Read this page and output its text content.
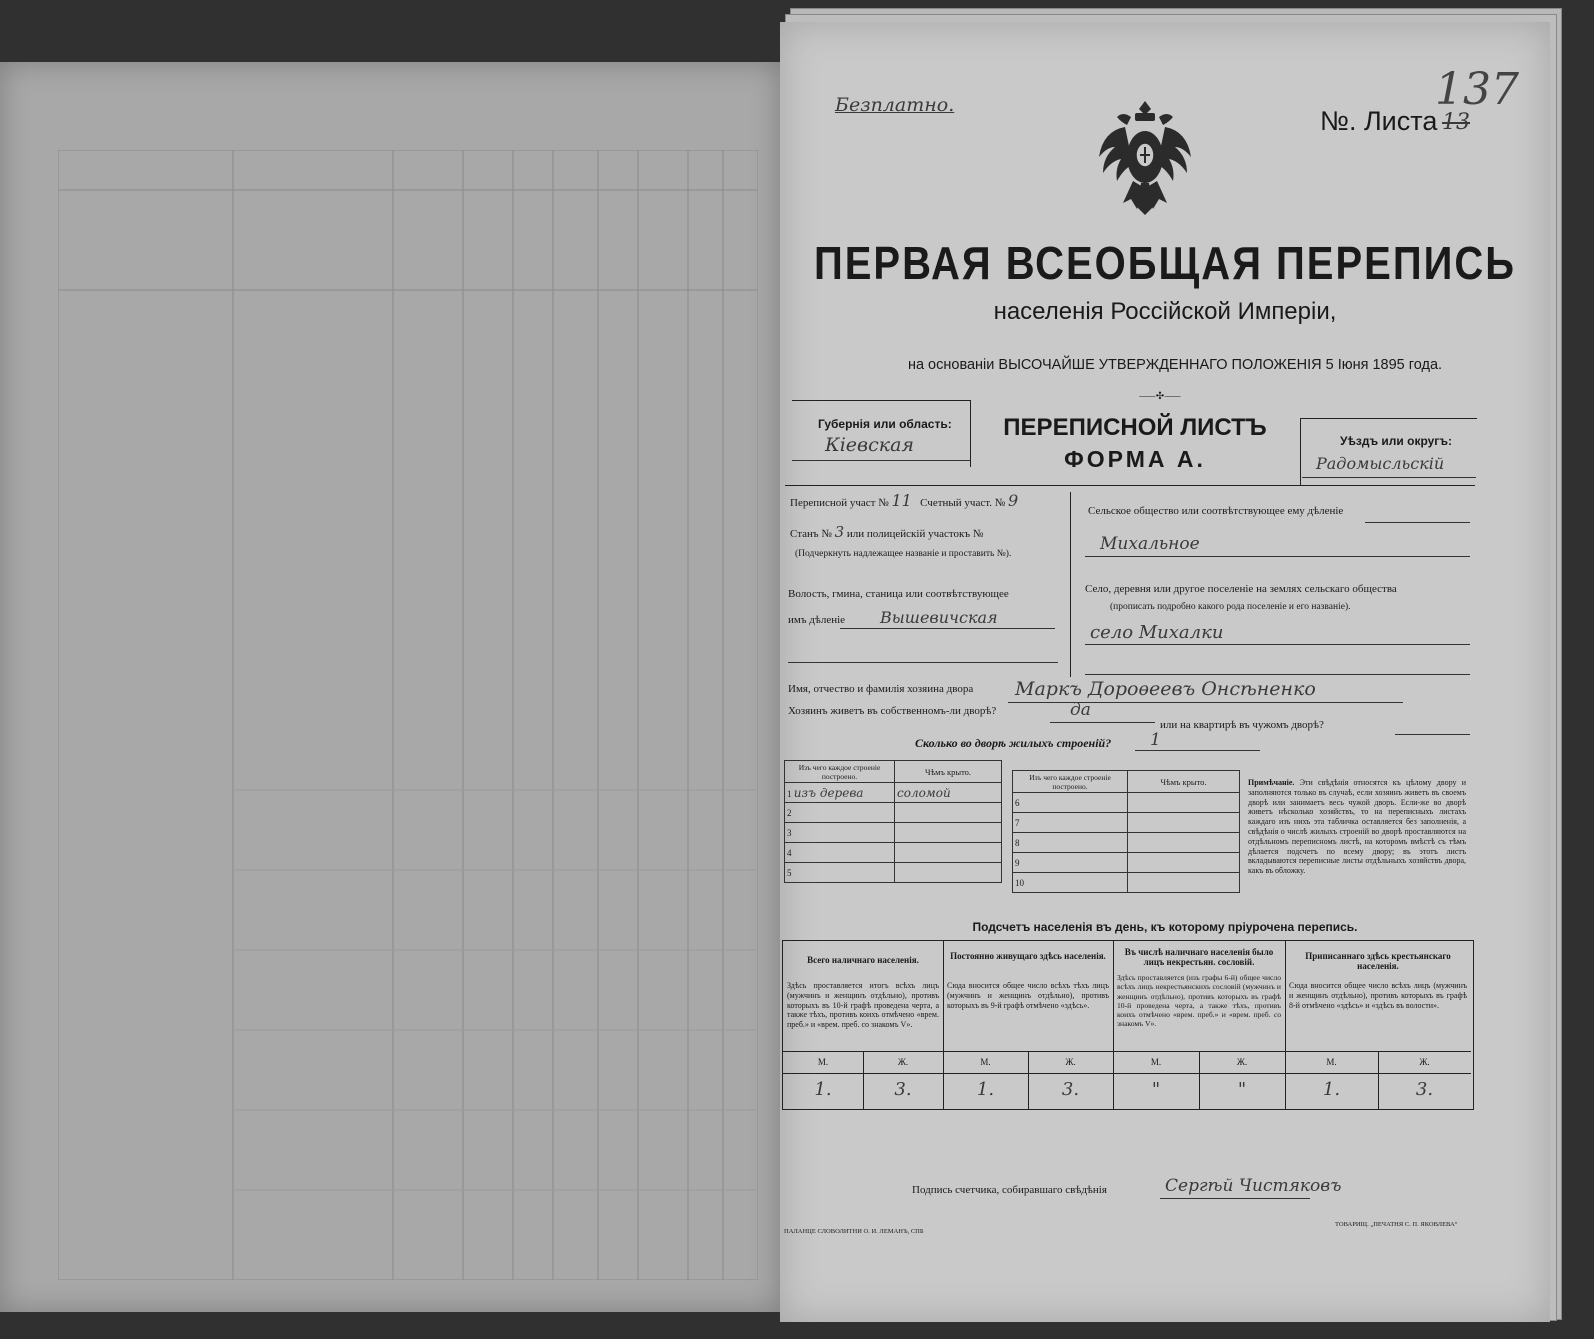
Безплатно.
№. Листа 13
137
ПЕРВАЯ ВСЕОБЩАЯ ПЕРЕПИСЬ
населенія Россійской Имперіи,
на основаніи ВЫСОЧАЙШЕ УТВЕРЖДЕННАГО ПОЛОЖЕНІЯ 5 Іюня 1895 года.
⸺✣⸺
Губернія или область:
Кіевская
ПЕРЕПИСНОЙ ЛИСТЪ
ФОРМА А.
Уѣздъ или округъ:
Радомысльскій
Переписной участ № 11 Счетный участ. № 9
Станъ № 3 или полицейскій участокъ №
(Подчеркнуть надлежащее названіе и проставить №).
Волость, гмина, станица или соотвѣтствующее
имъ дѣленіе Вышевичская
Сельское общество или соотвѣтствующее ему дѣленіе
Михальное
Село, деревня или другое поселеніе на землях сельскаго общества
(прописать подробно какого рода поселеніе и его названіе).
село Михалки
Имя, отчество и фамилія хозяина двора Маркъ Дороѳеевъ Онсѣненко
Хозяинъ живетъ въ собственномъ-ли дворѣ?	да
или на квартирѣ въ чужомъ дворѣ?
Сколько во дворѣ жилыхъ строеній? 1
Изъ чего каждое строеніе построено.	Чѣмъ крыто.
1 изъ дерева	соломой
2	
3	
4	
5	
Изъ чего каждое строеніе построено.	Чѣмъ крыто.
6	
7	
8	
9	
10	
Примѣчаніе. Эти свѣдѣнія относятся къ цѣлому двору и заполняются только въ случаѣ, если хозяинъ живетъ въ своемъ дворѣ или занимаетъ весь чужой дворъ. Если-же во дворѣ живетъ нѣсколько хозяйствъ, то на переписныхъ листахъ каждаго изъ нихъ эта табличка оставляется без заполненія, а свѣдѣнія о числѣ жилыхъ строеній во дворѣ проставляются на отдѣльномъ переписномъ листѣ, на которомъ вмѣстѣ съ тѣмъ дѣлается подсчетъ по всему двору; въ этотъ листъ вкладываются переписные листы отдѣльныхъ хозяйствъ двора, какъ въ обложку.
Подсчетъ населенія въ день, къ которому пріурочена перепись.
Всего наличнаго населенія.
Здѣсь проставляется итогъ всѣхъ лицъ (мужчинъ и женщинъ отдѣльно), противъ которыхъ въ 10-й графѣ проведена черта, а также тѣхъ, противъ коихъ отмѣчено «врем. преб.» и «врем. преб. со знакомъ V».
М.	Ж.
1.	3.
Постоянно живущаго здѣсь населенія.
Сюда вносится общее число всѣхъ тѣхъ лицъ (мужчинъ и женщинъ отдѣльно), противъ которыхъ въ 9-й графѣ отмѣчено «здѣсь».
М.	Ж.
1.	3.
Въ числѣ наличнаго населенія было лицъ некрестьян. сословій.
Здѣсь проставляется (изъ графы 6-й) общее число всѣхъ лицъ некрестьянскихъ сословій (мужчинъ и женщинъ отдѣльно), противъ которыхъ въ графѣ 10-й проведена черта, а также тѣхъ, противъ коихъ отмѣчено «врем. преб.» и «врем. преб. со знакомъ V».
М.	Ж.
"	"
Приписаннаго здѣсь крестьянскаго населенія.
Сюда вносится общее число всѣхъ лицъ (мужчинъ и женщинъ отдѣльно), противъ которыхъ въ графѣ 8-й отмѣчено «здѣсь» и «здѣсь въ волости».
М.	Ж.
1.	3.
Подпись счетчика, собиравшаго свѣдѣнія	Сергѣй Чистяковъ
ПАЛАНЦЕ СЛОВОЛИТНИ О. И. ЛЕМАНЪ, СПБ
ТОВАРИЩ. „ПЕЧАТНЯ С. П. ЯКОВЛЕВА“
